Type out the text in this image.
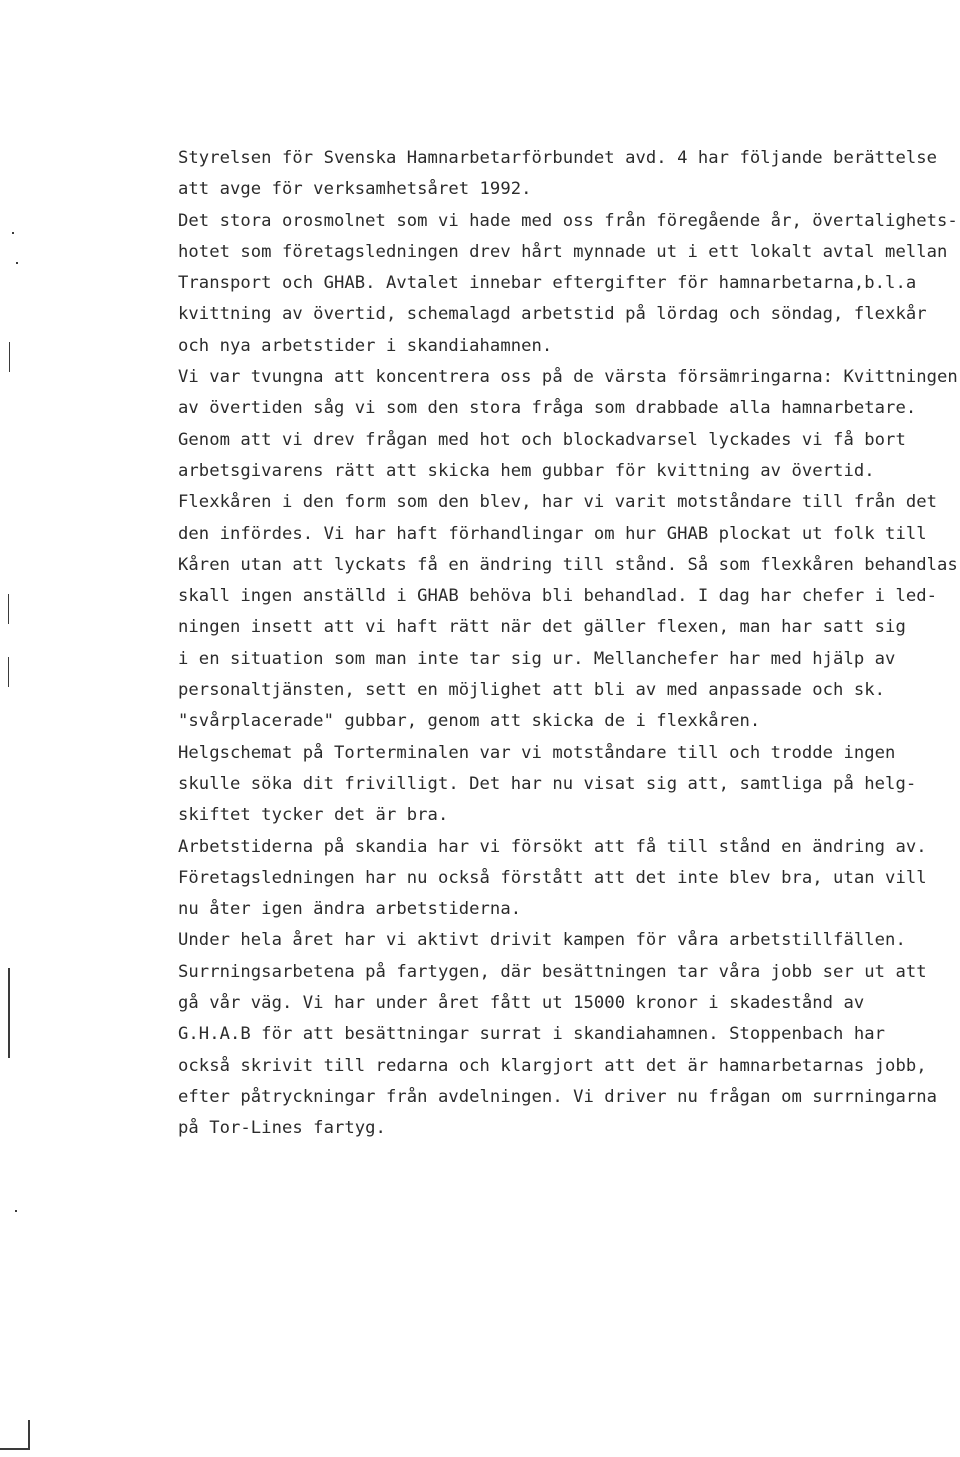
Styrelsen för Svenska Hamnarbetarförbundet avd. 4 har följande berättelse
att avge för verksamhetsåret 1992.
Det stora orosmolnet som vi hade med oss från föregående år, övertalighets-
hotet som företagsledningen drev hårt mynnade ut i ett lokalt avtal mellan
Transport och GHAB. Avtalet innebar eftergifter för hamnarbetarna,b.l.a
kvittning av övertid, schemalagd arbetstid på lördag och söndag, flexkår
och nya arbetstider i skandiahamnen.
Vi var tvungna att koncentrera oss på de värsta försämringarna: Kvittningen
av övertiden såg vi som den stora fråga som drabbade alla hamnarbetare.
Genom att vi drev frågan med hot och blockadvarsel lyckades vi få bort
arbetsgivarens rätt att skicka hem gubbar för kvittning av övertid.
Flexkåren i den form som den blev, har vi varit motståndare till från det
den infördes. Vi har haft förhandlingar om hur GHAB plockat ut folk till
Kåren utan att lyckats få en ändring till stånd. Så som flexkåren behandlas
skall ingen anställd i GHAB behöva bli behandlad. I dag har chefer i led-
ningen insett att vi haft rätt när det gäller flexen, man har satt sig
i en situation som man inte tar sig ur. Mellanchefer har med hjälp av
personaltjänsten, sett en möjlighet att bli av med anpassade och sk.
"svårplacerade" gubbar, genom att skicka de i flexkåren.
Helgschemat på Torterminalen var vi motståndare till och trodde ingen
skulle söka dit frivilligt. Det har nu visat sig att, samtliga på helg-
skiftet tycker det är bra.
Arbetstiderna på skandia har vi försökt att få till stånd en ändring av.
Företagsledningen har nu också förstått att det inte blev bra, utan vill
nu åter igen ändra arbetstiderna.
Under hela året har vi aktivt drivit kampen för våra arbetstillfällen.
Surrningsarbetena på fartygen, där besättningen tar våra jobb ser ut att
gå vår väg. Vi har under året fått ut 15000 kronor i skadestånd av
G.H.A.B för att besättningar surrat i skandiahamnen. Stoppenbach har
också skrivit till redarna och klargjort att det är hamnarbetarnas jobb,
efter påtryckningar från avdelningen. Vi driver nu frågan om surrningarna
på Tor-Lines fartyg.
